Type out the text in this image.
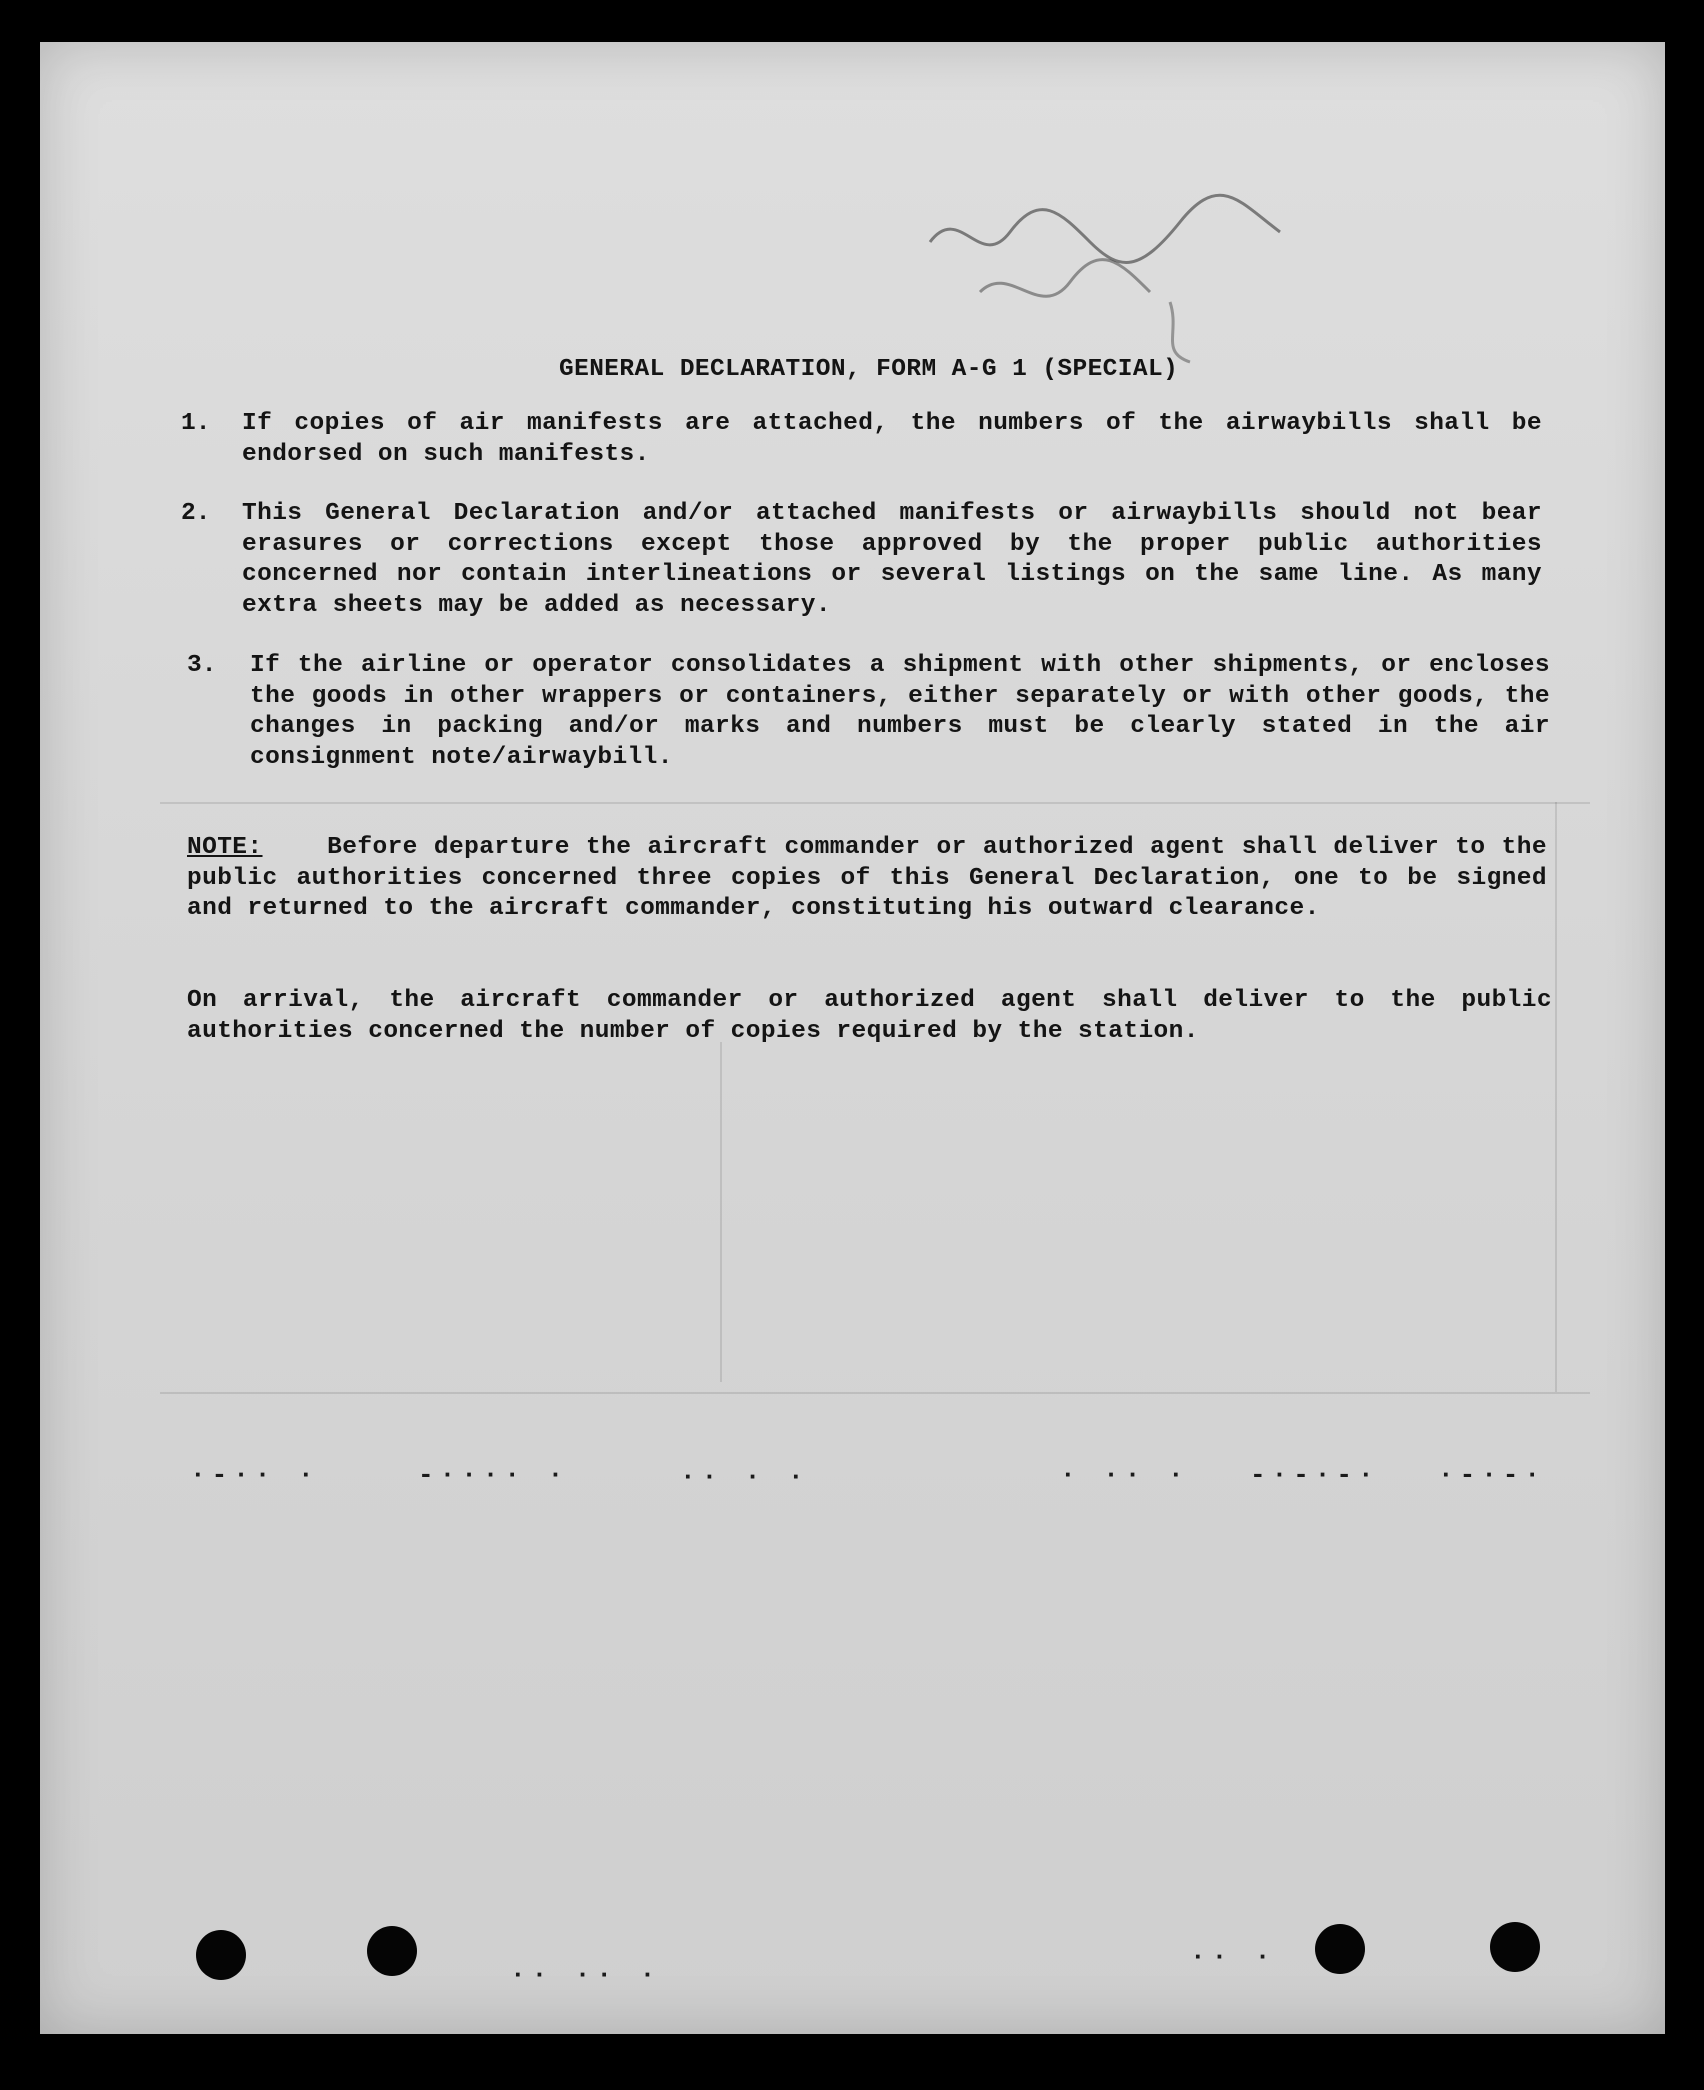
GENERAL DECLARATION, FORM A-G 1 (SPECIAL)
1. If copies of air manifests are attached, the numbers of the airwaybills shall be endorsed on such manifests.
2. This General Declaration and/or attached manifests or airwaybills should not bear erasures or corrections except those approved by the proper public authorities concerned nor contain interlineations or several listings on the same line. As many extra sheets may be added as necessary.
3. If the airline or operator consolidates a shipment with other shipments, or encloses the goods in other wrappers or containers, either separately or with other goods, the changes in packing and/or marks and numbers must be clearly stated in the air consignment note/airwaybill.
NOTE:	Before departure the aircraft commander or authorized agent shall deliver to the public authorities concerned three copies of this General Declaration, one to be signed and returned to the aircraft commander, constituting his outward clearance.
On arrival, the aircraft commander or authorized agent shall deliver to the public authorities concerned the number of copies required by the station.
·-·· ·	-···· ·	·· · ·	· ·· · -·-·-· ·-·-·
·· ·· ·
·· ·
